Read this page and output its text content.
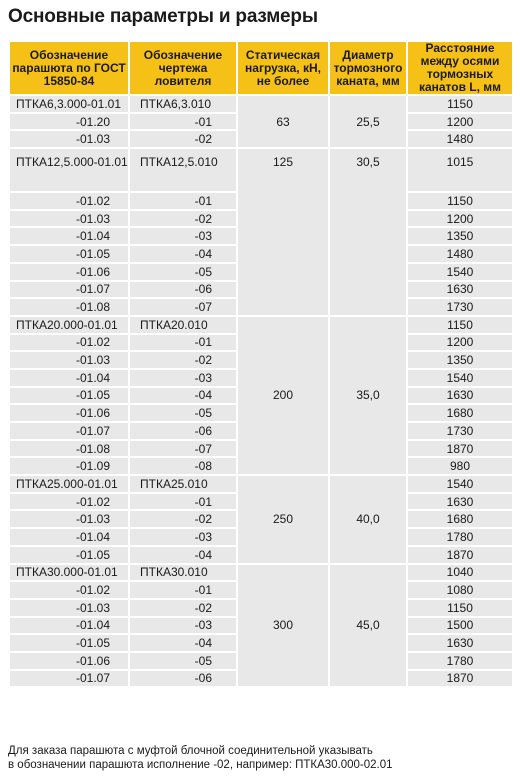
Основные параметры и размеры
Обозначение парашюта по ГОСТ 15850-84	Обозначение чертежа ловителя	Статическая нагрузка, кН, не более	Диаметр тормозного каната, мм	Расстояние между осями тормозных канатов L, мм
ПТКА6,3.000-01.01	ПТКА6,3.010	63	25,5	1150
-01.20	-01			1200
-01.03	-02			1480
ПТКА12,5.000-01.01	ПТКА12,5.010	125	30,5	1015
-01.02	-01			1150
-01.03	-02			1200
-01.04	-03			1350
-01.05	-04			1480
-01.06	-05			1540
-01.07	-06			1630
-01.08	-07			1730
ПТКА20.000-01.01	ПТКА20.010	200	35,0	1150
-01.02	-01			1200
-01.03	-02			1350
-01.04	-03			1540
-01.05	-04			1630
-01.06	-05			1680
-01.07	-06			1730
-01.08	-07			1870
-01.09	-08			980
ПТКА25.000-01.01	ПТКА25.010	250	40,0	1540
-01.02	-01			1630
-01.03	-02			1680
-01.04	-03			1780
-01.05	-04			1870
ПТКА30.000-01.01	ПТКА30.010	300	45,0	1040
-01.02	-01			1080
-01.03	-02			1150
-01.04	-03			1500
-01.05	-04			1630
-01.06	-05			1780
-01.07	-06			1870
Для заказа парашюта с муфтой блочной соединительной указывать
в обозначении парашюта исполнение -02, например: ПТКА30.000-02.01
